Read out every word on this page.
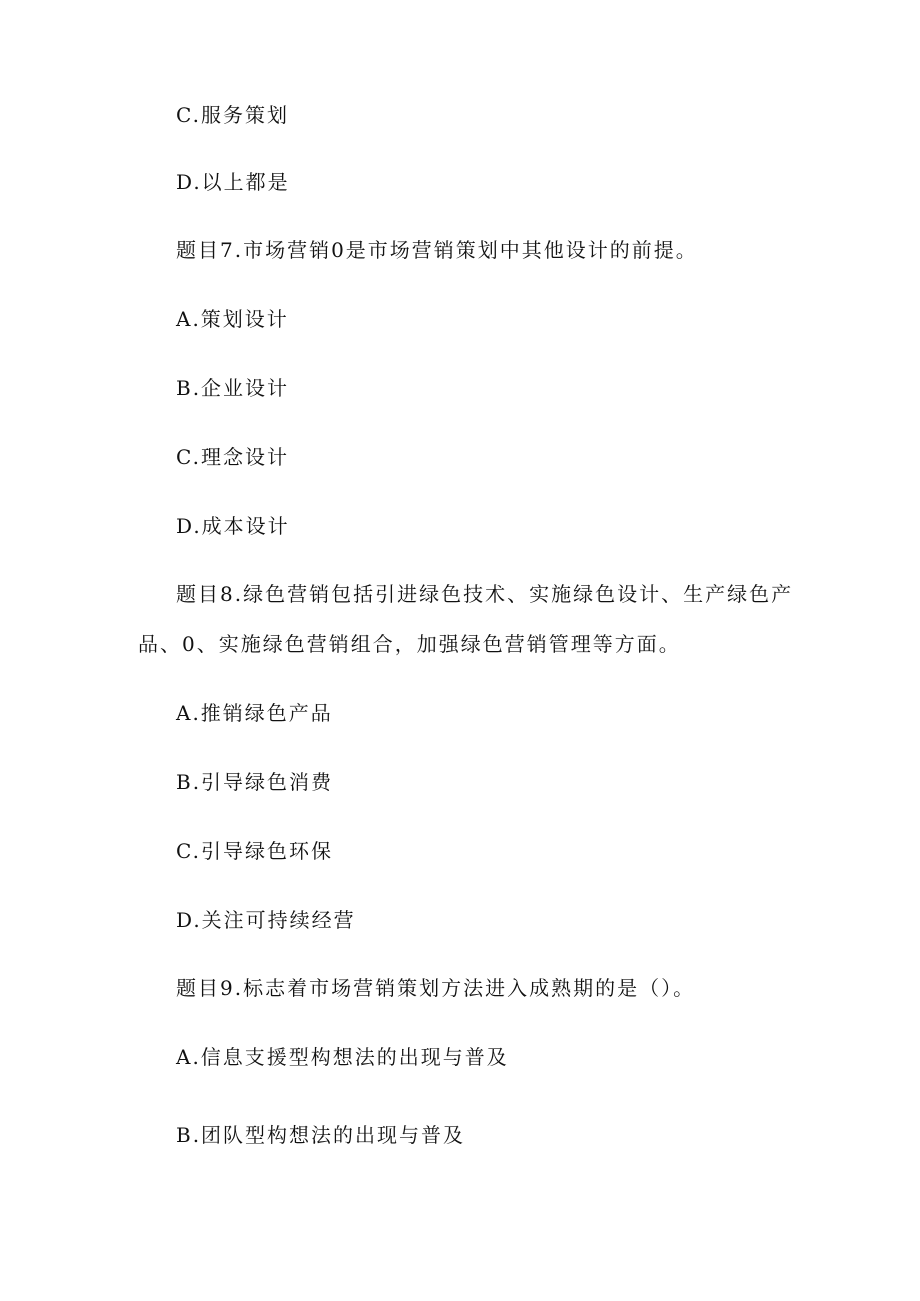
C.服务策划
D.以上都是
题目7.市场营销0是市场营销策划中其他设计的前提。
A.策划设计
B.企业设计
C.理念设计
D.成本设计
题目8.绿色营销包括引进绿色技术、实施绿色设计、生产绿色产
品、0、实施绿色营销组合，加强绿色营销管理等方面。
A.推销绿色产品
B.引导绿色消费
C.引导绿色环保
D.关注可持续经营
题目9.标志着市场营销策划方法进入成熟期的是（）。
A.信息支援型构想法的出现与普及
B.团队型构想法的出现与普及
